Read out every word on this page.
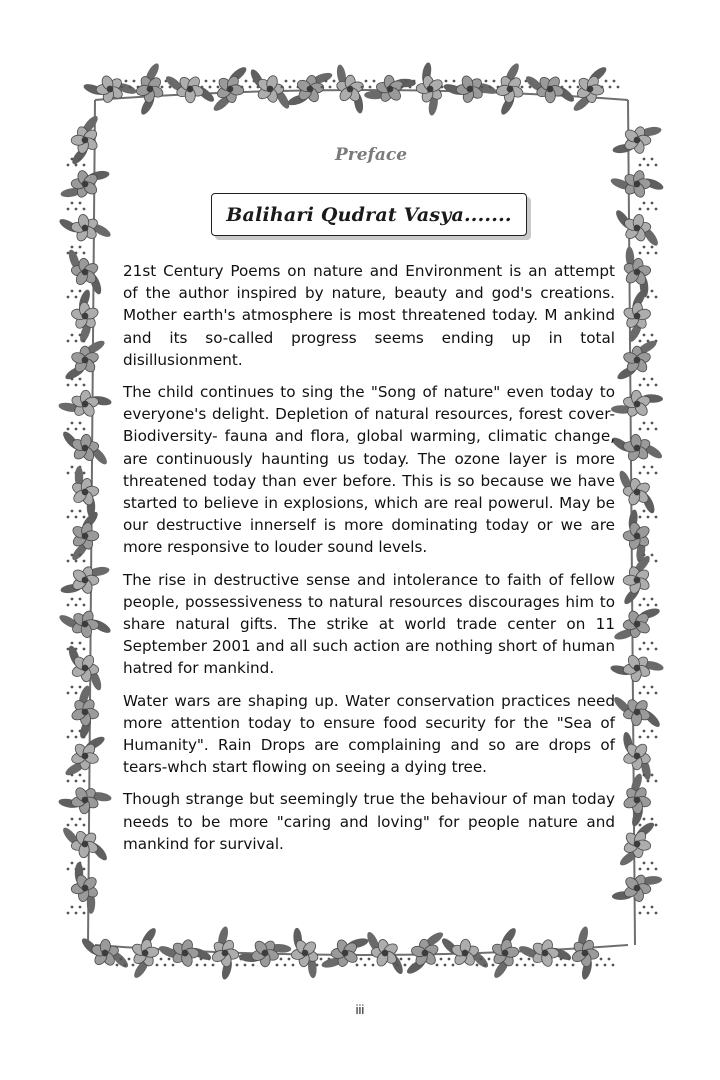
Preface
Balihari Qudrat Vasya.......

21st Century Poems on nature and Environment is an attempt of the author inspired by nature, beauty and god's creations. Mother earth's atmosphere is most threatened today. M ankind and its so-called progress seems ending up in total disillusionment.

The child continues to sing the "Song of nature" even today to everyone's delight. Depletion of natural resources, forest cover-Biodiversity- fauna and flora, global warming, climatic change, are continuously haunting us today. The ozone layer is more threatened today than ever before. This is so because we have started to believe in explosions, which are real powerul. May be our destructive innerself is more dominating today or we are more responsive to louder sound levels.

The rise in destructive sense and intolerance to faith of fellow people, possessiveness to natural resources discourages him to share natural gifts. The strike at world trade center on 11 September 2001 and all such action are nothing short of human hatred for mankind.

Water wars are shaping up. Water conservation practices need more attention today to ensure food security for the "Sea of Humanity". Rain Drops are complaining and so are drops of tears-whch start flowing on seeing a dying tree.

Though strange but seemingly true the behaviour of man today needs to be more "caring and loving" for people nature and mankind for survival.

iii
